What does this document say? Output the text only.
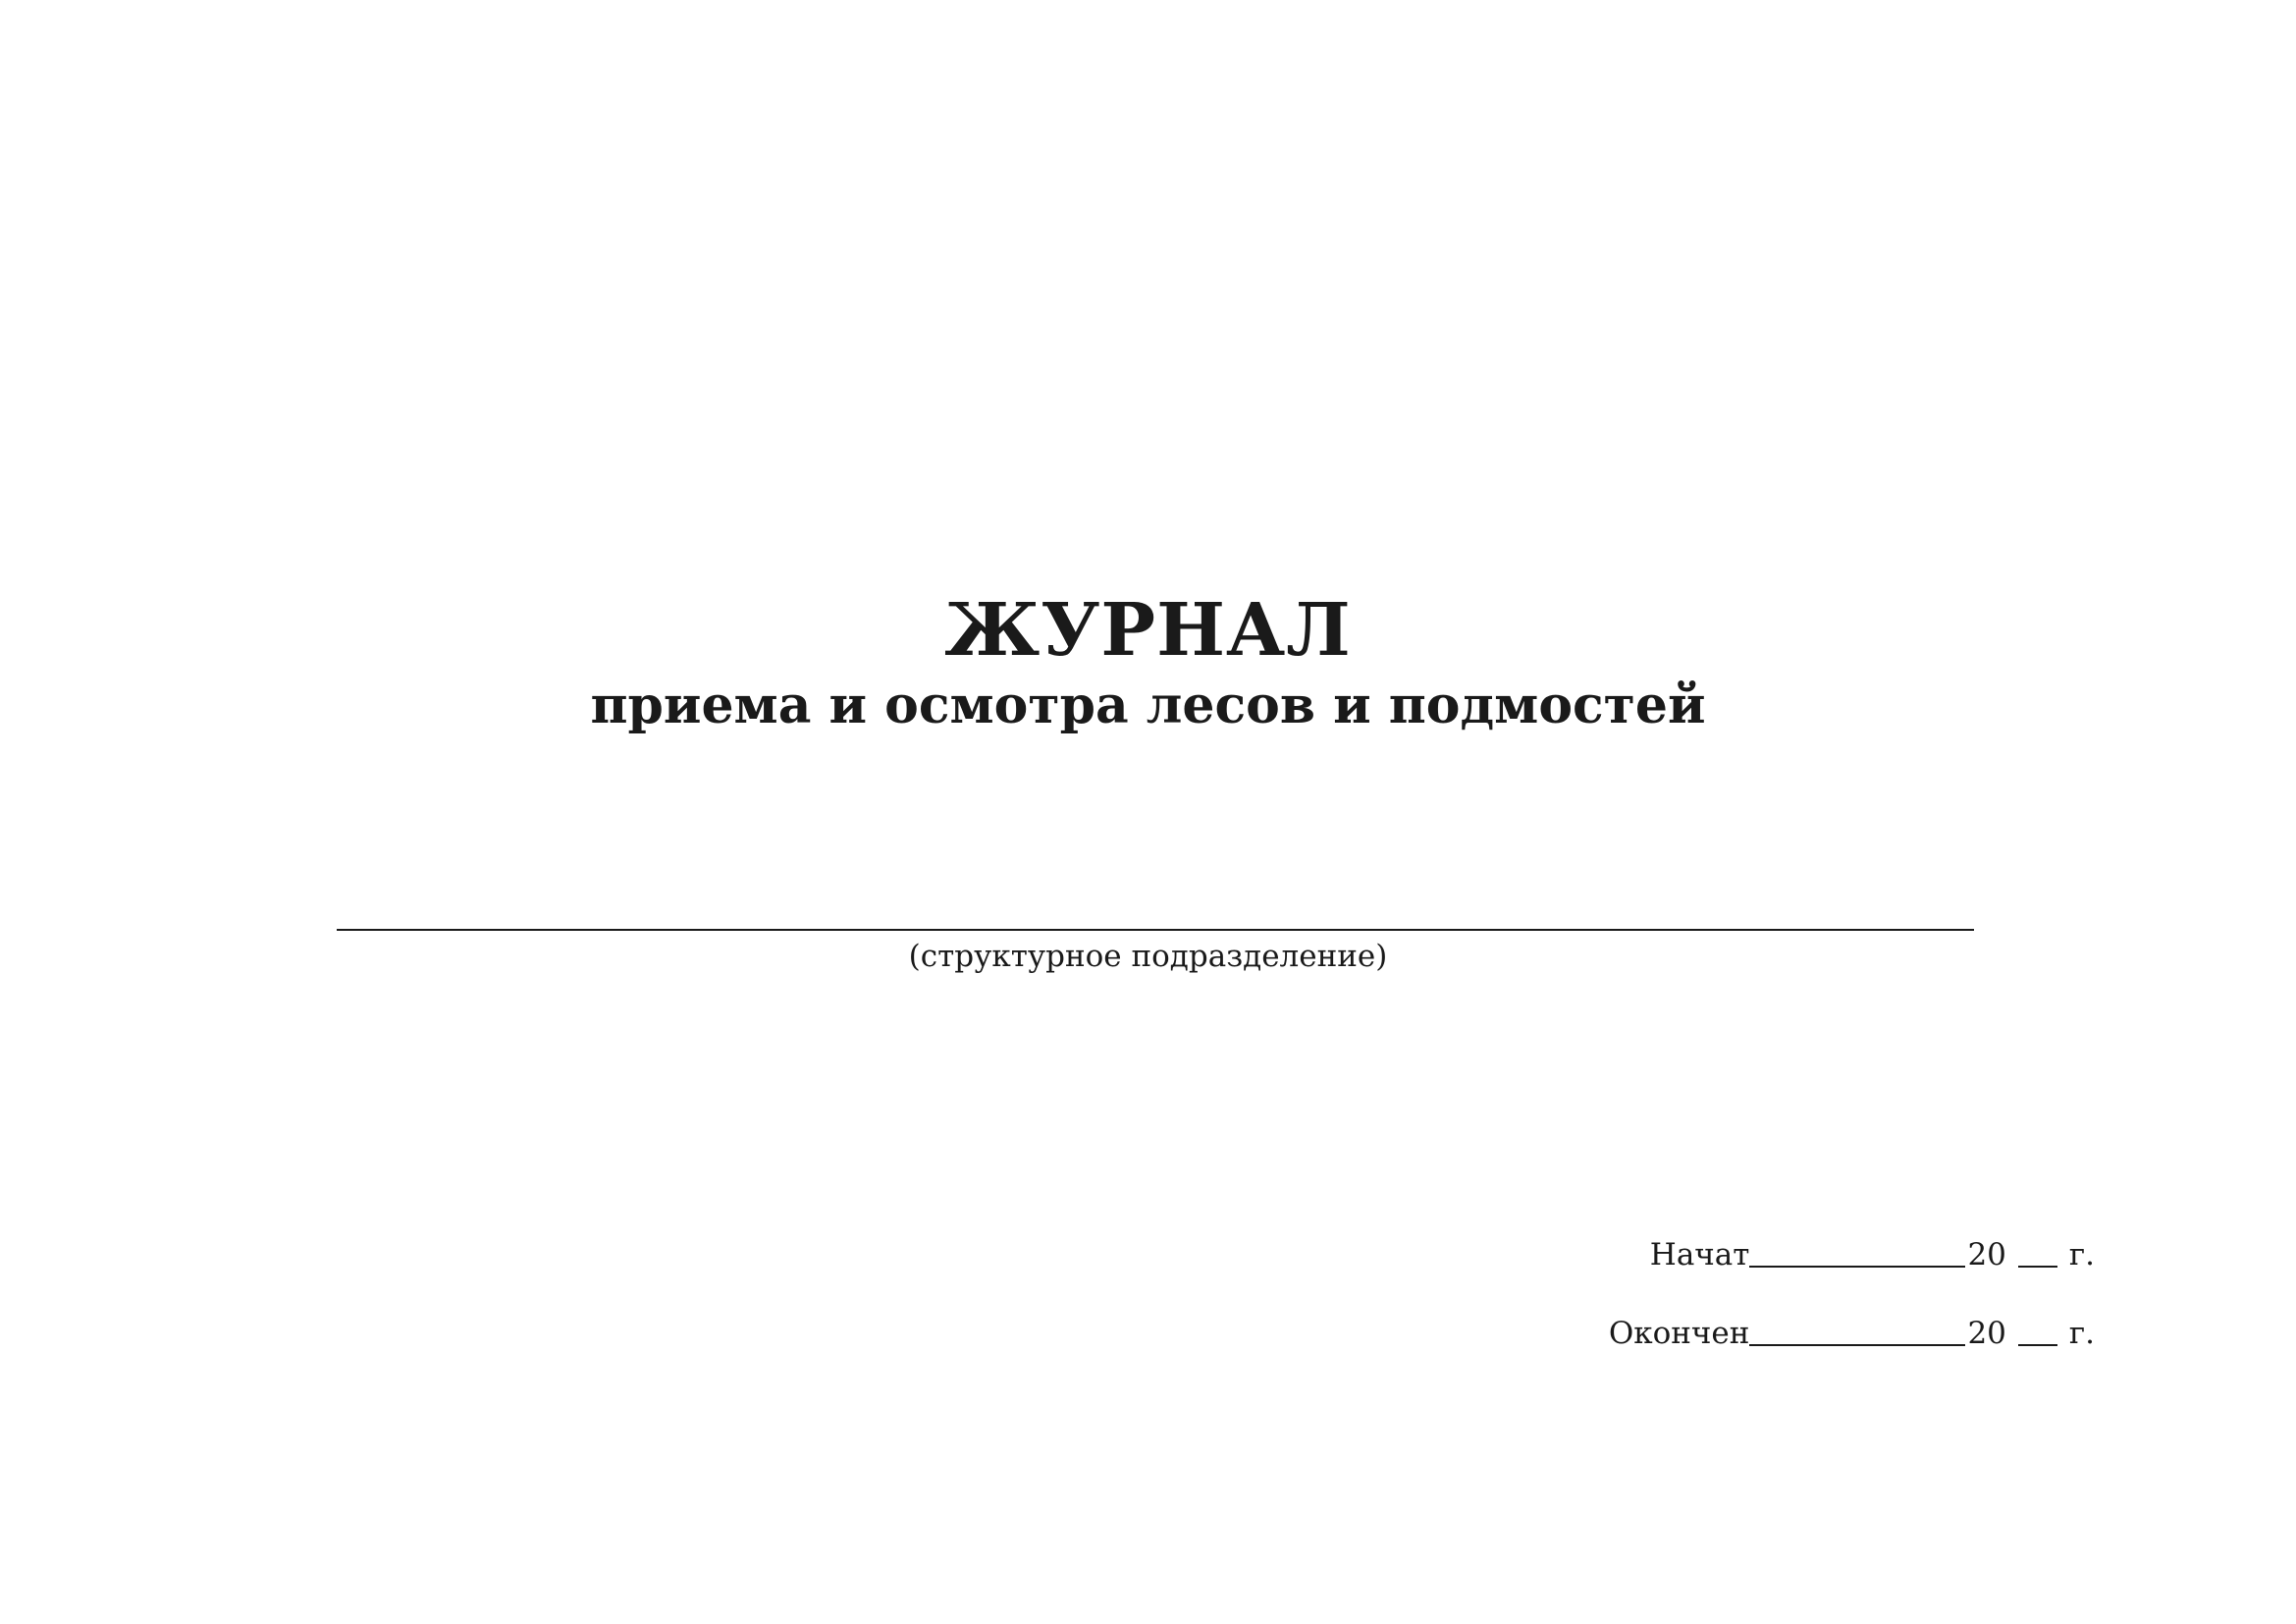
ЖУРНАЛ
приема и осмотра лесов и подмостей
(структурное подразделение)
Начат	20 г.
Окончен	20 г.
